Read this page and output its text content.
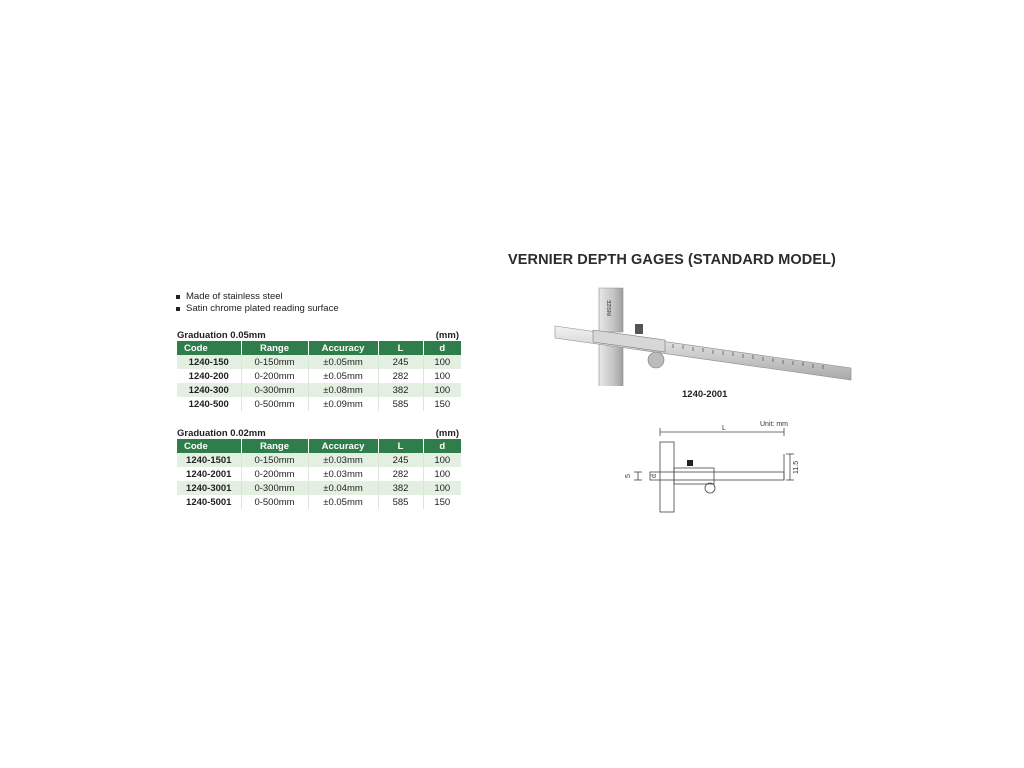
VERNIER DEPTH GAGES (STANDARD MODEL)
Made of stainless steel
Satin chrome plated reading surface
Graduation 0.05mm	(mm)
Code	Range	Accuracy	L	d
1240-150	0-150mm	±0.05mm	245	100
1240-200	0-200mm	±0.05mm	282	100
1240-300	0-300mm	±0.08mm	382	100
1240-500	0-500mm	±0.09mm	585	150
Graduation 0.02mm	(mm)
Code	Range	Accuracy	L	d
1240-1501	0-150mm	±0.03mm	245	100
1240-2001	0-200mm	±0.03mm	282	100
1240-3001	0-300mm	±0.04mm	382	100
1240-5001	0-500mm	±0.05mm	585	150
INSIZE
1240-2001
L
Unit: mm
11.5
5	d
